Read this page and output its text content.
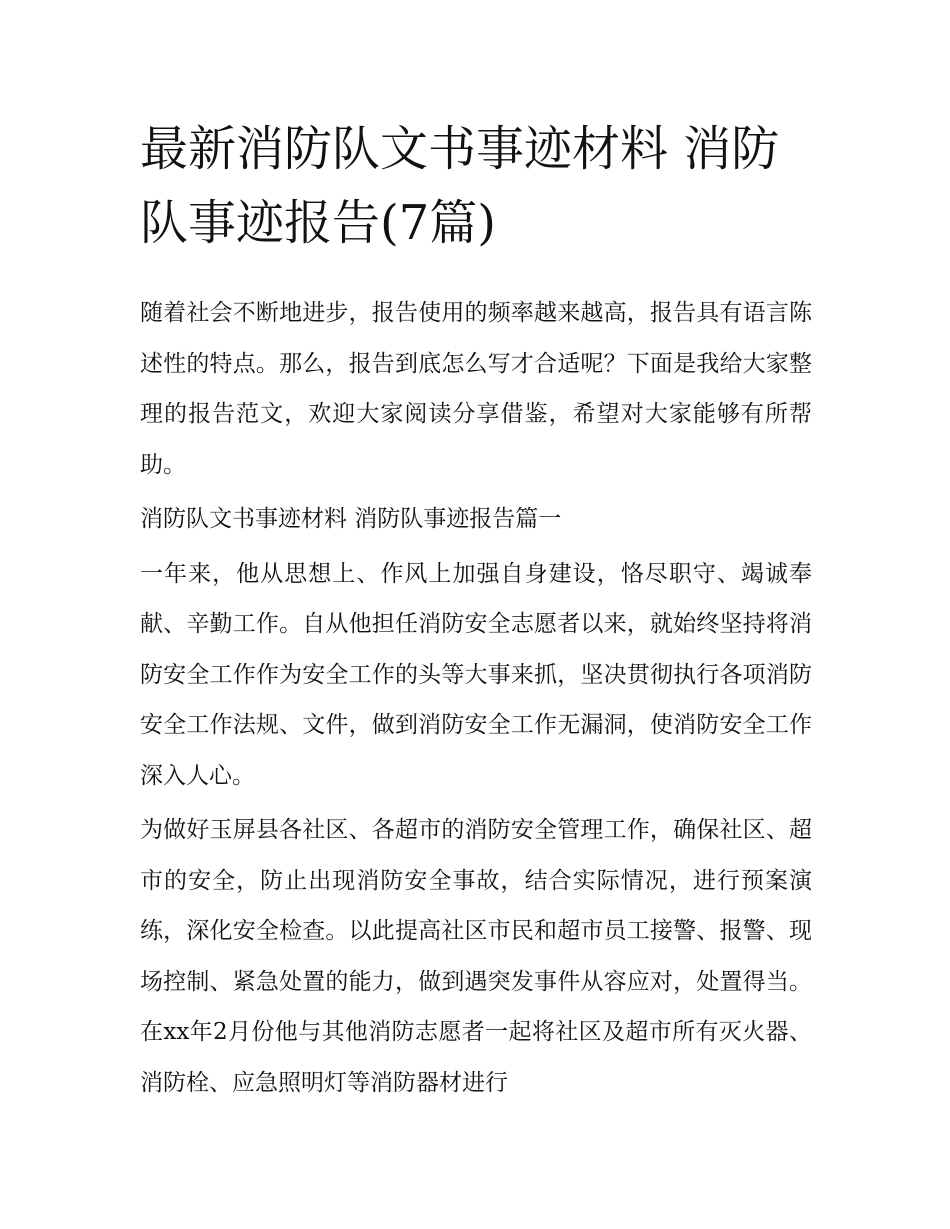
最新消防队文书事迹材料 消防队事迹报告(7篇)

随着社会不断地进步，报告使用的频率越来越高，报告具有语言陈述性的特点。那么，报告到底怎么写才合适呢？下面是我给大家整理的报告范文，欢迎大家阅读分享借鉴，希望对大家能够有所帮助。

消防队文书事迹材料 消防队事迹报告篇一

一年来，他从思想上、作风上加强自身建设，恪尽职守、竭诚奉献、辛勤工作。自从他担任消防安全志愿者以来，就始终坚持将消防安全工作作为安全工作的头等大事来抓，坚决贯彻执行各项消防安全工作法规、文件，做到消防安全工作无漏洞，使消防安全工作深入人心。

为做好玉屏县各社区、各超市的消防安全管理工作，确保社区、超市的安全，防止出现消防安全事故，结合实际情况，进行预案演练，深化安全检查。以此提高社区市民和超市员工接警、报警、现场控制、紧急处置的能力，做到遇突发事件从容应对，处置得当。在xx年2月份他与其他消防志愿者一起将社区及超市所有灭火器、消防栓、应急照明灯等消防器材进行
